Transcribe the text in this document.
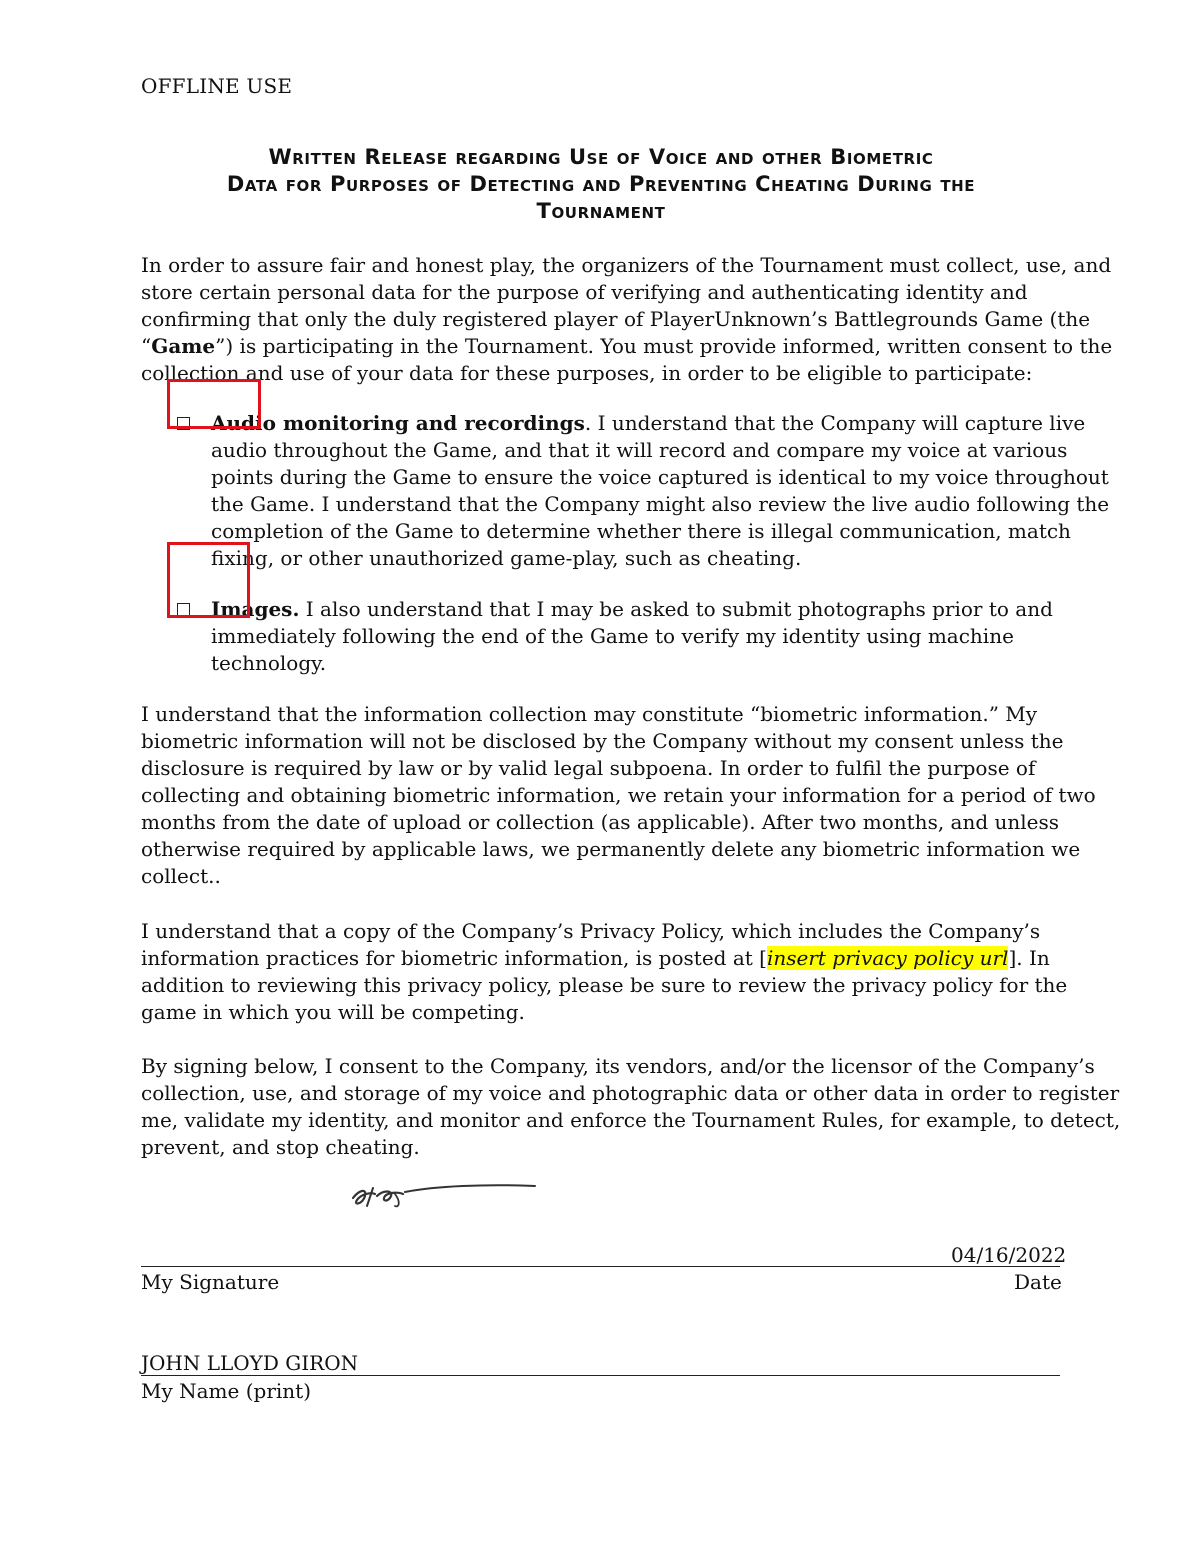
OFFLINE USE
Written Release regarding Use of Voice and other Biometric
Data for Purposes of Detecting and Preventing Cheating During the
Tournament

In order to assure fair and honest play, the organizers of the Tournament must collect, use, and

store certain personal data for the purpose of verifying and authenticating identity and

confirming that only the duly registered player of PlayerUnknown’s Battlegrounds Game (the

“Game”) is participating in the Tournament. You must provide informed, written consent to the

collection and use of your data for these purposes, in order to be eligible to participate:

Audio monitoring and recordings. I understand that the Company will capture live

audio throughout the Game, and that it will record and compare my voice at various

points during the Game to ensure the voice captured is identical to my voice throughout

the Game. I understand that the Company might also review the live audio following the

completion of the Game to determine whether there is illegal communication, match

fixing, or other unauthorized game-play, such as cheating.

Images. I also understand that I may be asked to submit photographs prior to and

immediately following the end of the Game to verify my identity using machine

technology.

I understand that the information collection may constitute “biometric information.” My

biometric information will not be disclosed by the Company without my consent unless the

disclosure is required by law or by valid legal subpoena. In order to fulfil the purpose of

collecting and obtaining biometric information, we retain your information for a period of two

months from the date of upload or collection (as applicable). After two months, and unless

otherwise required by applicable laws, we permanently delete any biometric information we

collect..

I understand that a copy of the Company’s Privacy Policy, which includes the Company’s

information practices for biometric information, is posted at [insert privacy policy url]. In

addition to reviewing this privacy policy, please be sure to review the privacy policy for the

game in which you will be competing.

By signing below, I consent to the Company, its vendors, and/or the licensor of the Company’s

collection, use, and storage of my voice and photographic data or other data in order to register

me, validate my identity, and monitor and enforce the Tournament Rules, for example, to detect,

prevent, and stop cheating.

04/16/2022
My Signature	Date
JOHN LLOYD GIRON
My Name (print)
